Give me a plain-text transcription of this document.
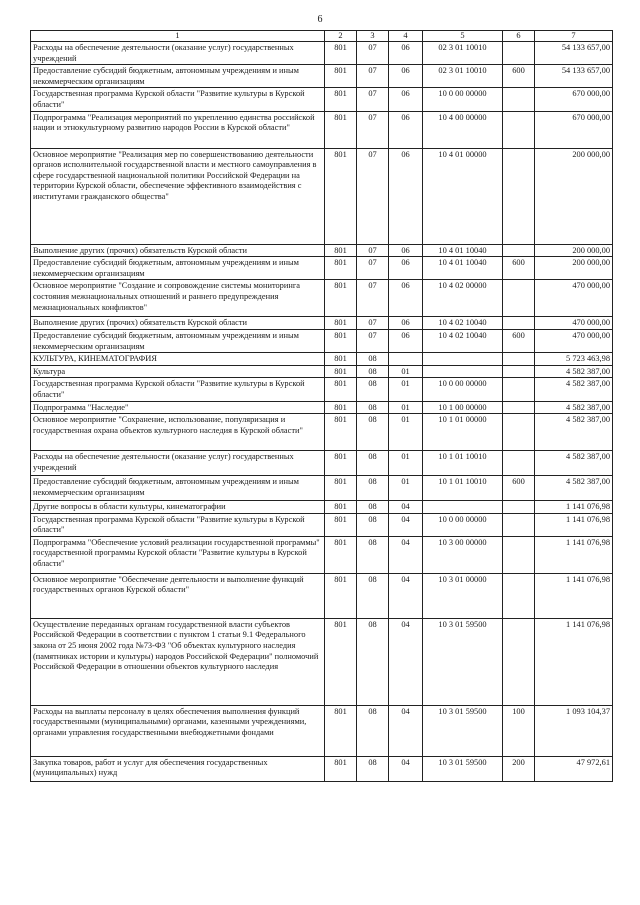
6
1	2	3	4	5	6	7
Расходы на обеспечение деятельности (оказание услуг) государственных учреждений	801	07	06	02 3 01 10010		54 133 657,00
Предоставление субсидий бюджетным, автономным учреждениям и иным некоммерческим организациям	801	07	06	02 3 01 10010	600	54 133 657,00
Государственная программа Курской области "Развитие культуры в Курской области"	801	07	06	10 0 00 00000		670 000,00
Подпрограмма "Реализация мероприятий по укреплению единства российской нации и этнокультурному развитию народов России в Курской области"	801	07	06	10 4 00 00000		670 000,00
Основное мероприятие "Реализация мер по совершенствованию деятельности органов исполнительной государственной власти и местного самоуправления в сфере государственной национальной политики Российской Федерации на территории Курской области, обеспечение эффективного взаимодействия с институтами гражданского общества"	801	07	06	10 4 01 00000		200 000,00
Выполнение других (прочих) обязательств Курской области	801	07	06	10 4 01 10040		200 000,00
Предоставление субсидий бюджетным, автономным учреждениям и иным некоммерческим организациям	801	07	06	10 4 01 10040	600	200 000,00
Основное мероприятие "Создание и сопровождение системы мониторинга состояния межнациональных отношений и раннего предупреждения межнациональных конфликтов"	801	07	06	10 4 02 00000		470 000,00
Выполнение других (прочих) обязательств Курской области	801	07	06	10 4 02 10040		470 000,00
Предоставление субсидий бюджетным, автономным учреждениям и иным некоммерческим организациям	801	07	06	10 4 02 10040	600	470 000,00
КУЛЬТУРА, КИНЕМАТОГРАФИЯ	801	08				5 723 463,98
Культура	801	08	01			4 582 387,00
Государственная программа Курской области "Развитие культуры в Курской области"	801	08	01	10 0 00 00000		4 582 387,00
Подпрограмма "Наследие"	801	08	01	10 1 00 00000		4 582 387,00
Основное мероприятие "Сохранение, использование, популяризация и государственная охрана объектов культурного наследия в Курской области"	801	08	01	10 1 01 00000		4 582 387,00
Расходы на обеспечение деятельности (оказание услуг) государственных учреждений	801	08	01	10 1 01 10010		4 582 387,00
Предоставление субсидий бюджетным, автономным учреждениям и иным некоммерческим организациям	801	08	01	10 1 01 10010	600	4 582 387,00
Другие вопросы в области культуры, кинематографии	801	08	04			1 141 076,98
Государственная программа Курской области "Развитие культуры в Курской области"	801	08	04	10 0 00 00000		1 141 076,98
Подпрограмма "Обеспечение условий реализации государственной программы" государственной программы Курской области "Развитие культуры в Курской области"	801	08	04	10 3 00 00000		1 141 076,98
Основное мероприятие "Обеспечение деятельности и выполнение функций государственных органов Курской области"	801	08	04	10 3 01 00000		1 141 076,98
Осуществление переданных органам государственной власти субъектов Российской Федерации в соответствии с пунктом 1 статьи 9.1 Федерального закона от 25 июня 2002 года №73-ФЗ "Об объектах культурного наследия (памятниках истории и культуры) народов Российской Федерации" полномочий Российской Федерации в отношении объектов культурного наследия	801	08	04	10 3 01 59500		1 141 076,98
Расходы на выплаты персоналу в целях обеспечения выполнения функций государственными (муниципальными) органами, казенными учреждениями, органами управления государственными внебюджетными фондами	801	08	04	10 3 01 59500	100	1 093 104,37
Закупка товаров, работ и услуг для обеспечения государственных (муниципальных) нужд	801	08	04	10 3 01 59500	200	47 972,61
